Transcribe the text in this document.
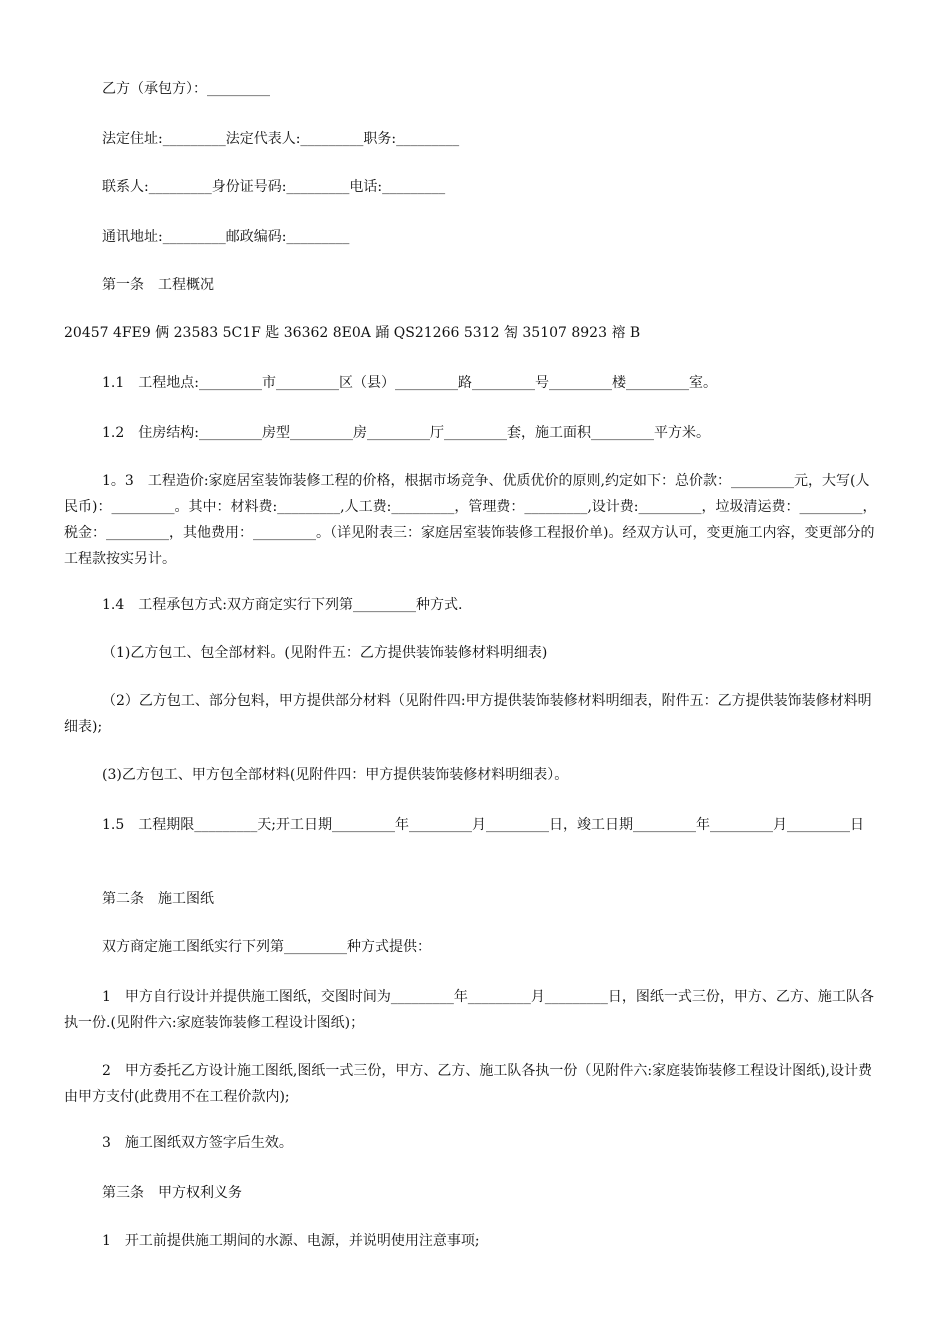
乙方（承包方）：_________
法定住址:_________法定代表人:_________职务:_________
联系人:_________身份证号码:_________电话:_________
通讯地址:_________邮政编码:_________
第一条　工程概况
20457 4FE9 俩 23583 5C1F 匙 36362 8E0A 踊 QS21266 5312 匒 35107 8923 褣 B
1.1　工程地点:_________市_________区（县）_________路_________号_________楼_________室。
1.2　住房结构:_________房型_________房_________厅_________套，施工面积_________平方米。
1。3　工程造价:家庭居室装饰装修工程的价格，根据市场竞争、优质优价的原则,约定如下：总价款：_________元，大写(人民币)：_________。其中：材料费:_________,人工费:_________，管理费：_________,设计费:_________，垃圾清运费：_________，税金：_________，其他费用：_________。（详见附表三：家庭居室装饰装修工程报价单)。经双方认可，变更施工内容，变更部分的工程款按实另计。
1.4　工程承包方式:双方商定实行下列第_________种方式.
（1)乙方包工、包全部材料。(见附件五：乙方提供装饰装修材料明细表)
（2）乙方包工、部分包料，甲方提供部分材料（见附件四:甲方提供装饰装修材料明细表，附件五：乙方提供装饰装修材料明细表);
(3)乙方包工、甲方包全部材料(见附件四：甲方提供装饰装修材料明细表）。
1.5　工程期限_________天;开工日期_________年_________月_________日，竣工日期_________年_________月_________日
第二条　施工图纸
双方商定施工图纸实行下列第_________种方式提供：
1　甲方自行设计并提供施工图纸，交图时间为_________年_________月_________日，图纸一式三份，甲方、乙方、施工队各执一份.(见附件六:家庭装饰装修工程设计图纸)；
2　甲方委托乙方设计施工图纸,图纸一式三份，甲方、乙方、施工队各执一份（见附件六:家庭装饰装修工程设计图纸),设计费由甲方支付(此费用不在工程价款内);
3　施工图纸双方签字后生效。
第三条　甲方权利义务
1　开工前提供施工期间的水源、电源，并说明使用注意事项;
